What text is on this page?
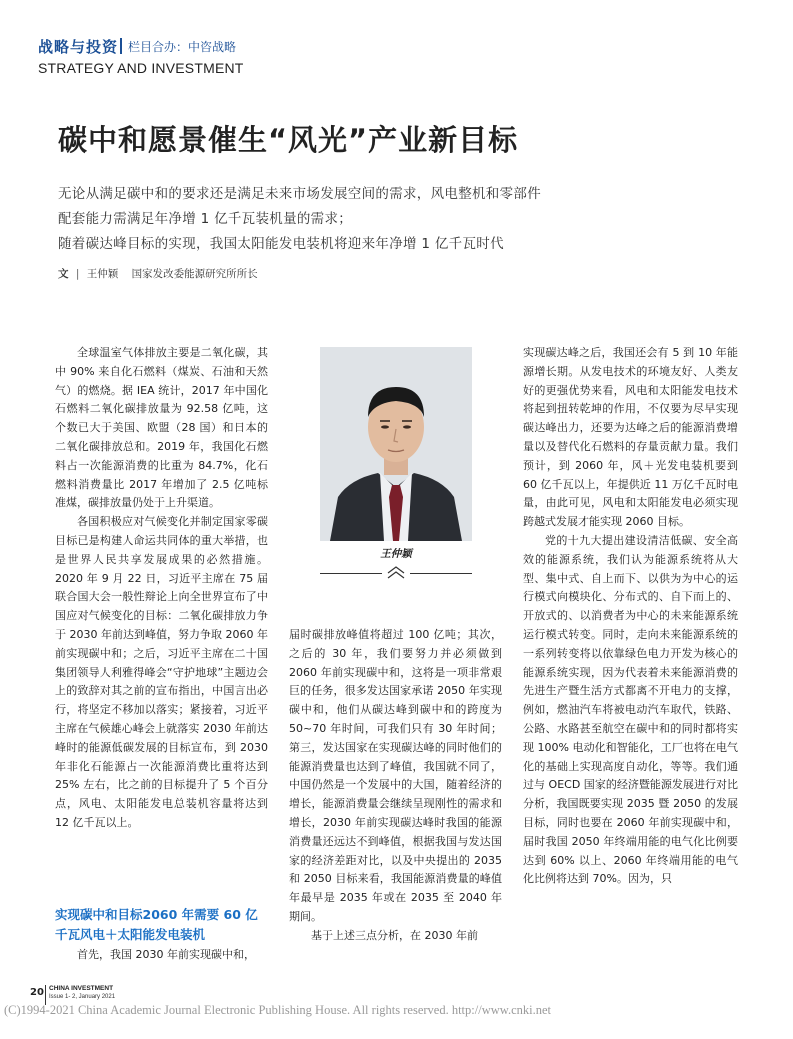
战略与投资 栏目合办：中咨战略
STRATEGY AND INVESTMENT
碳中和愿景催生“风光”产业新目标
无论从满足碳中和的要求还是满足未来市场发展空间的需求，风电整机和零部件
配套能力需满足年净增 1 亿千瓦装机量的需求；
随着碳达峰目标的实现，我国太阳能发电装机将迎来年净增 1 亿千瓦时代
文 | 王仲颖 国家发改委能源研究所所长

全球温室气体排放主要是二氧化碳，其中 90% 来自化石燃料（煤炭、石油和天然气）的燃烧。据 IEA 统计，2017 年中国化石燃料二氧化碳排放量为 92.58 亿吨，这个数已大于美国、欧盟（28 国）和日本的二氧化碳排放总和。2019 年，我国化石燃料占一次能源消费的比重为 84.7%，化石燃料消费量比 2017 年增加了 2.5 亿吨标准煤，碳排放量仍处于上升渠道。

各国积极应对气候变化并制定国家零碳目标已是构建人命运共同体的重大举措，也是世界人民共享发展成果的必然措施。2020 年 9 月 22 日，习近平主席在 75 届联合国大会一般性辩论上向全世界宣布了中国应对气候变化的目标：二氧化碳排放力争于 2030 年前达到峰值，努力争取 2060 年前实现碳中和；之后，习近平主席在二十国集团领导人利雅得峰会“守护地球”主题边会上的致辞对其之前的宣布指出，中国言出必行，将坚定不移加以落实；紧接着，习近平主席在气候雄心峰会上就落实 2030 年前达峰时的能源低碳发展的目标宣布，到 2030 年非化石能源占一次能源消费比重将达到 25% 左右，比之前的目标提升了 5 个百分点，风电、太阳能发电总装机容量将达到 12 亿千瓦以上。

实现碳中和目标2060 年需要 60 亿千瓦风电＋太阳能发电装机

首先，我国 2030 年前实现碳中和，

王仲颖

届时碳排放峰值将超过 100 亿吨；其次，之后的 30 年，我们要努力并必须做到 2060 年前实现碳中和，这将是一项非常艰巨的任务，很多发达国家承诺 2050 年实现碳中和，他们从碳达峰到碳中和的跨度为 50~70 年时间，可我们只有 30 年时间；第三，发达国家在实现碳达峰的同时他们的能源消费量也达到了峰值，我国就不同了，中国仍然是一个发展中的大国，随着经济的增长，能源消费量会继续呈现刚性的需求和增长，2030 年前实现碳达峰时我国的能源消费量还远达不到峰值，根据我国与发达国家的经济差距对比，以及中央提出的 2035 和 2050 目标来看，我国能源消费量的峰值年最早是 2035 年或在 2035 至 2040 年期间。

基于上述三点分析，在 2030 年前

实现碳达峰之后，我国还会有 5 到 10 年能源增长期。从发电技术的环境友好、人类友好的更强优势来看，风电和太阳能发电技术将起到扭转乾坤的作用，不仅要为尽早实现碳达峰出力，还要为达峰之后的能源消费增量以及替代化石燃料的存量贡献力量。我们预计，到 2060 年，风＋光发电装机要到 60 亿千瓦以上，年提供近 11 万亿千瓦时电量，由此可见，风电和太阳能发电必须实现跨越式发展才能实现 2060 目标。

党的十九大提出建设清洁低碳、安全高效的能源系统，我们认为能源系统将从大型、集中式、自上而下、以供为为中心的运行模式向模块化、分布式的、自下而上的、开放式的、以消费者为中心的未来能源系统运行模式转变。同时，走向未来能源系统的一系列转变将以依靠绿色电力开发为核心的能源系统实现，因为代表着未来能源消费的先进生产暨生活方式都离不开电力的支撑，例如，燃油汽车将被电动汽车取代，铁路、公路、水路甚至航空在碳中和的同时都将实现 100% 电动化和智能化，工厂也将在电气化的基础上实现高度自动化，等等。我们通过与 OECD 国家的经济暨能源发展进行对比分析，我国既要实现 2035 暨 2050 的发展目标，同时也要在 2060 年前实现碳中和，届时我国 2050 年终端用能的电气化比例要达到 60% 以上、2060 年终端用能的电气化比例将达到 70%。因为，只

20 CHINA INVESTMENT
Issue 1- 2, January 2021
(C)1994-2021 China Academic Journal Electronic Publishing House. All rights reserved. http://www.cnki.net
